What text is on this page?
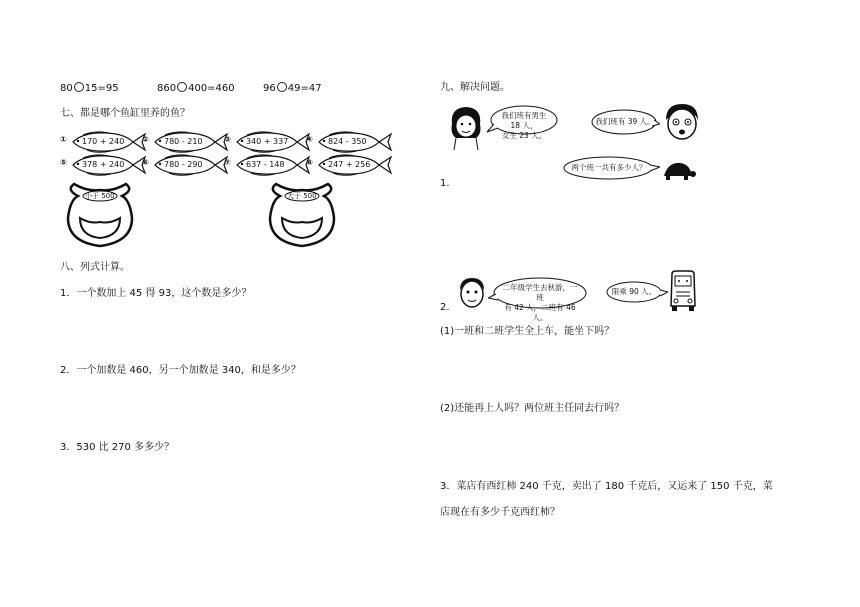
80 15=95	860 400=460	96 49=47
七、都是哪个鱼缸里养的鱼？
① 170 + 240 ② 780 - 210	③ 340 + 337 ④ 824 - 350
⑤ 378 + 240 ⑥ 780 - 290	⑦ 637 - 148	⑧ 247 + 256
小于 500	大于 500
八、列式计算。
1．一个数加上 45 得 93，这个数是多少？
2．一个加数是 460，另一个加数是 340，和是多少？
3．530 比 270 多多少？
九、解决问题。
我们班有男生 18 人，
女生 23 人。
我们班有 39 人。
两个班一共有多少人？
1.
二年级学生去秋游，一班
有 42 人，二班有 46 人。
限乘 90 人。
2.
(1)一班和二班学生全上车，能坐下吗？
(2)还能再上人吗？两位班主任同去行吗？
3．菜店有西红柿 240 千克，卖出了 180 千克后，又运来了 150 千克，菜
店现在有多少千克西红柿？
